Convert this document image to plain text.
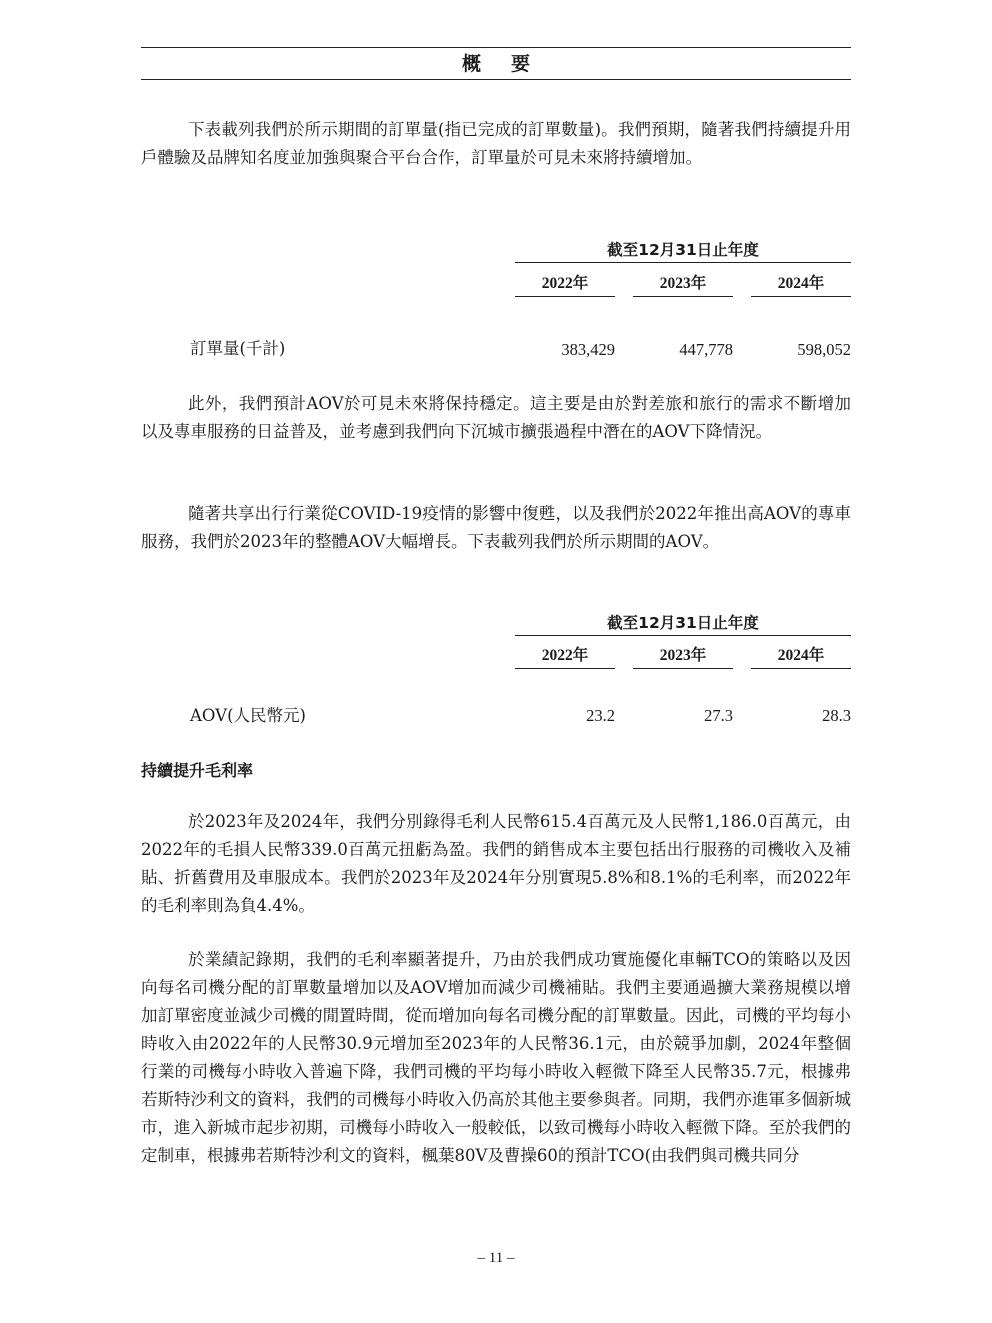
概要

下表載列我們於所示期間的訂單量(指已完成的訂單數量)。我們預期，隨著我們持續提升用戶體驗及品牌知名度並加強與聚合平台合作，訂單量於可見未來將持續增加。

截至12月31日止年度
2022年	2023年	2024年
訂單量(千計)	383,429	447,778	598,052

此外，我們預計AOV於可見未來將保持穩定。這主要是由於對差旅和旅行的需求不斷增加以及專車服務的日益普及，並考慮到我們向下沉城市擴張過程中潛在的AOV下降情況。

隨著共享出行行業從COVID-19疫情的影響中復甦，以及我們於2022年推出高AOV的專車服務，我們於2023年的整體AOV大幅增長。下表載列我們於所示期間的AOV。

截至12月31日止年度
2022年	2023年	2024年
AOV(人民幣元)	23.2	27.3	28.3
持續提升毛利率

於2023年及2024年，我們分別錄得毛利人民幣615.4百萬元及人民幣1,186.0百萬元，由2022年的毛損人民幣339.0百萬元扭虧為盈。我們的銷售成本主要包括出行服務的司機收入及補貼、折舊費用及車服成本。我們於2023年及2024年分別實現5.8%和8.1%的毛利率，而2022年的毛利率則為負4.4%。

於業績記錄期，我們的毛利率顯著提升，乃由於我們成功實施優化車輛TCO的策略以及因向每名司機分配的訂單數量增加以及AOV增加而減少司機補貼。我們主要通過擴大業務規模以增加訂單密度並減少司機的閒置時間，從而增加向每名司機分配的訂單數量。因此，司機的平均每小時收入由2022年的人民幣30.9元增加至2023年的人民幣36.1元，由於競爭加劇，2024年整個行業的司機每小時收入普遍下降，我們司機的平均每小時收入輕微下降至人民幣35.7元，根據弗若斯特沙利文的資料，我們的司機每小時收入仍高於其他主要參與者。同期，我們亦進軍多個新城市，進入新城市起步初期，司機每小時收入一般較低，以致司機每小時收入輕微下降。至於我們的定制車，根據弗若斯特沙利文的資料，楓葉80V及曹操60的預計TCO(由我們與司機共同分

– 11 –
